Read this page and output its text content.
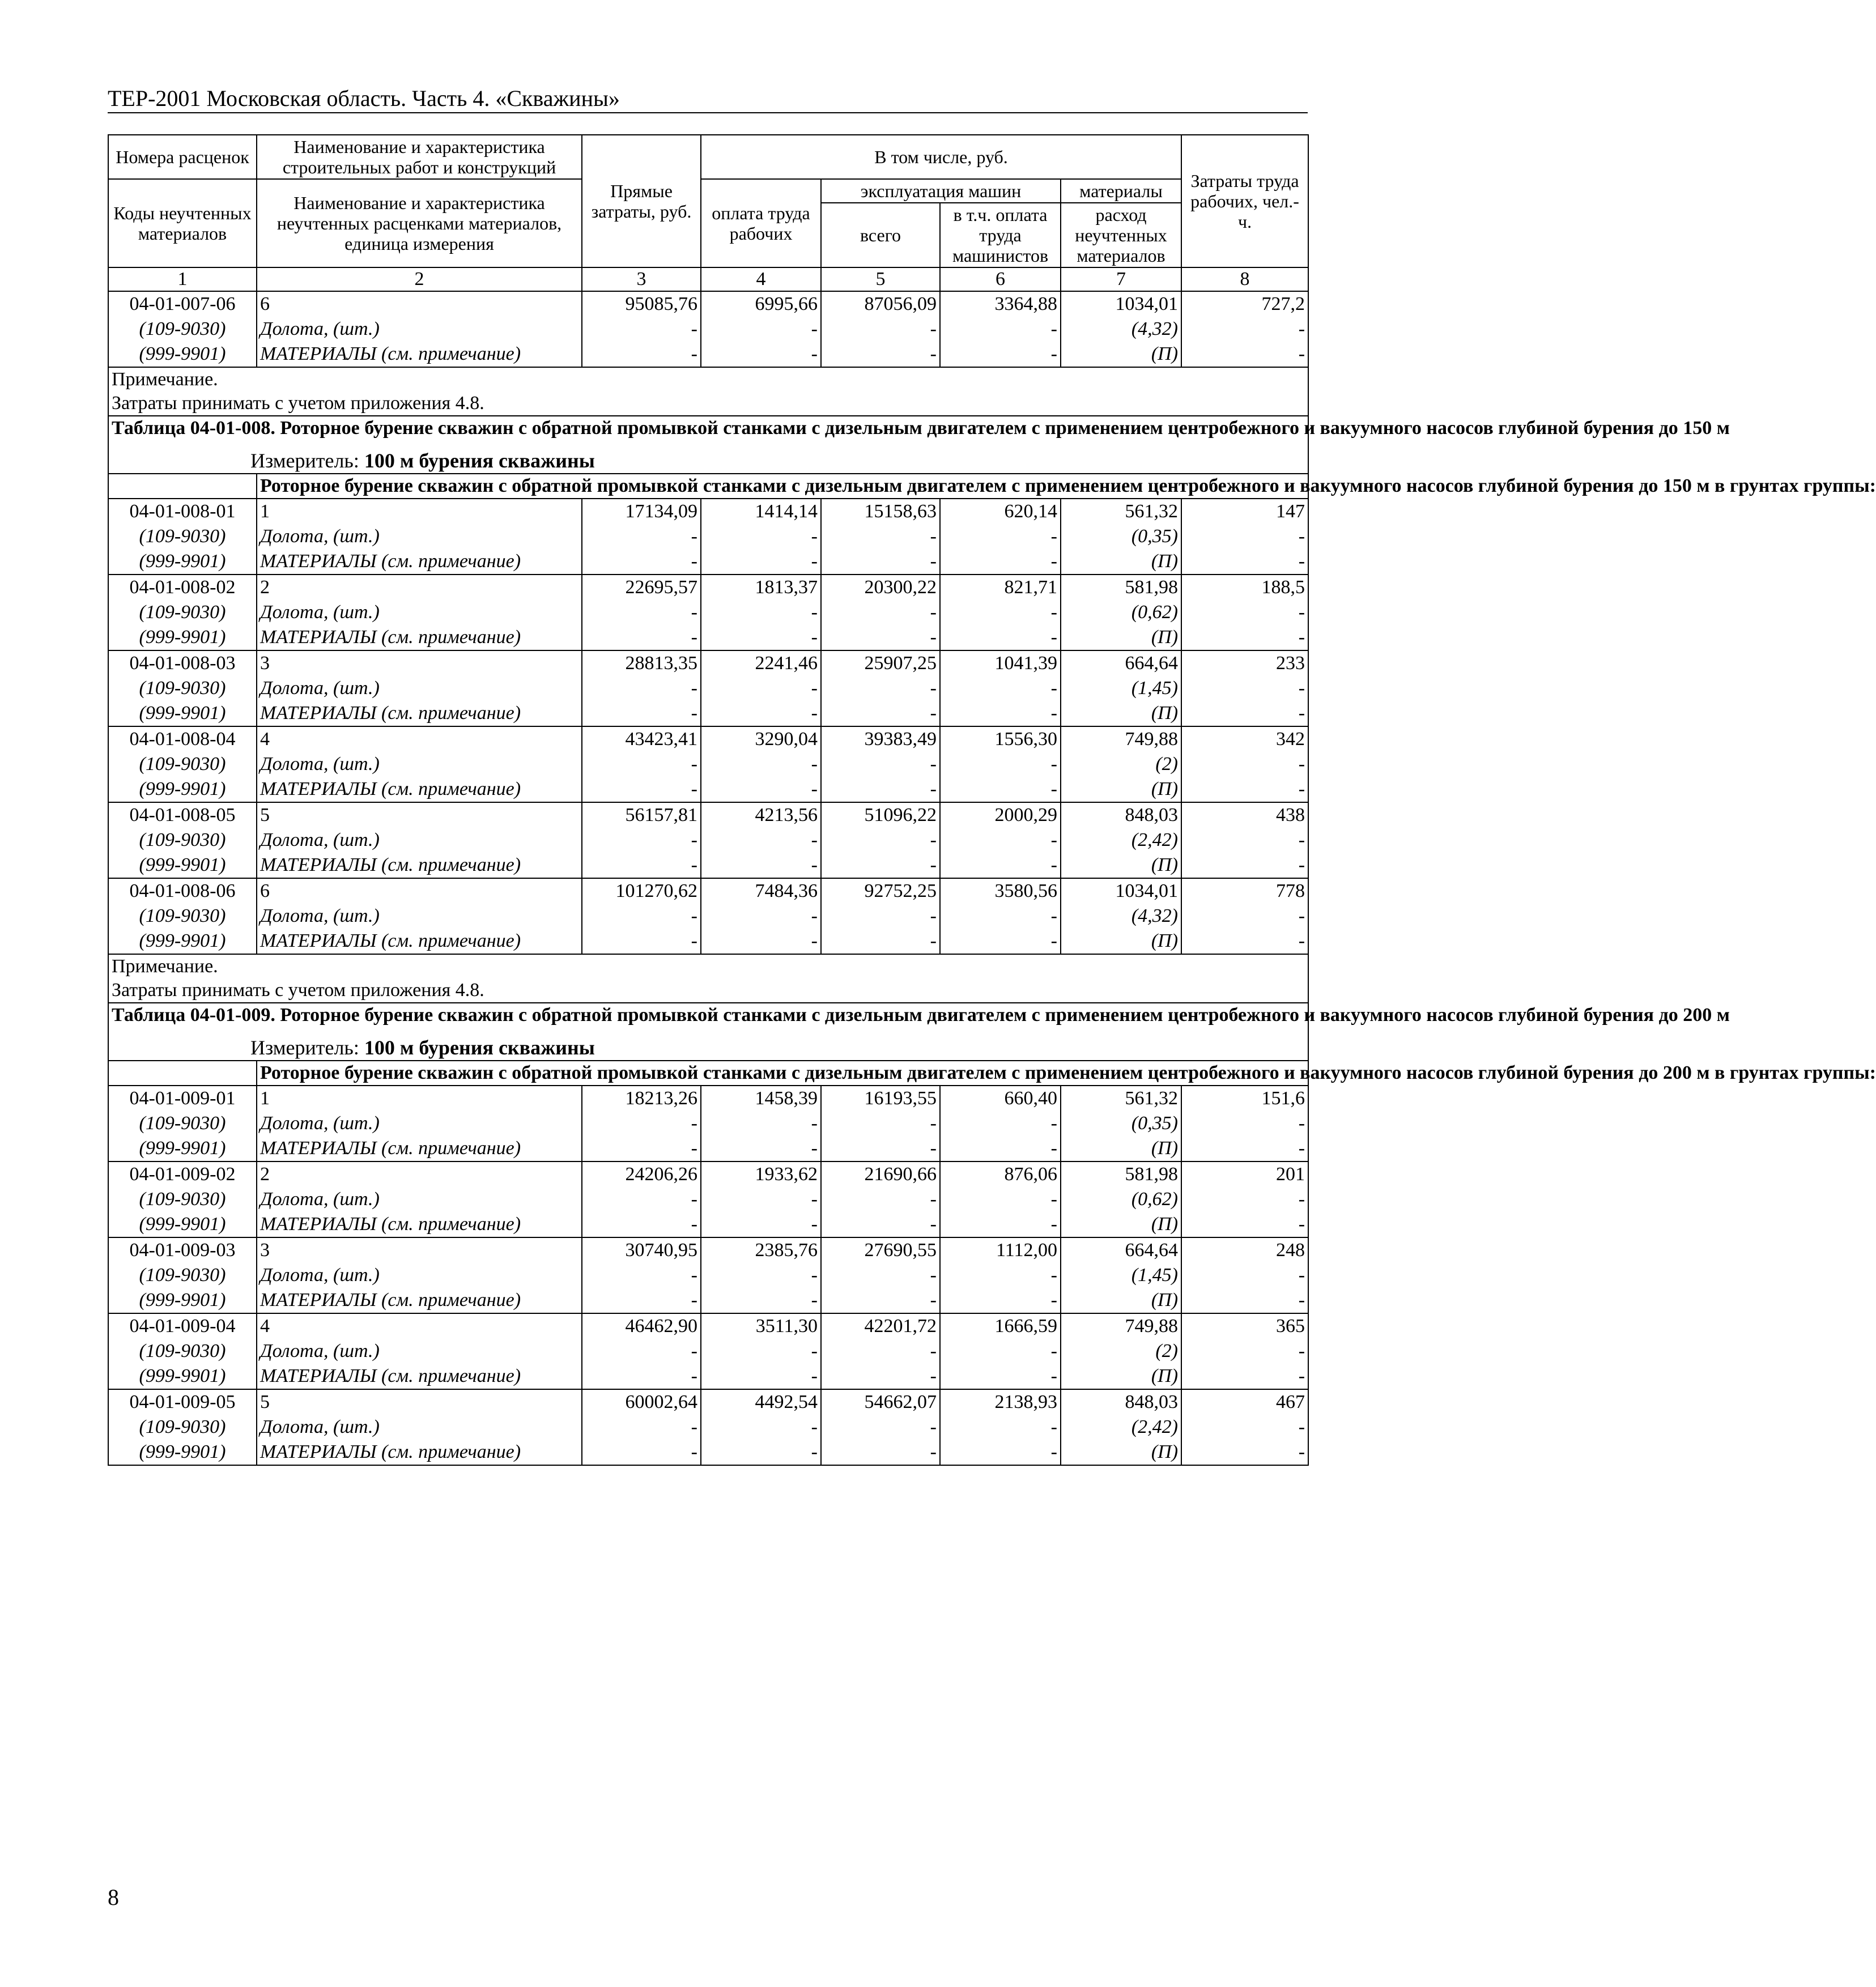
ТЕР-2001 Московская область. Часть 4. «Скважины»
Номера расценок	Наименование и характеристика строительных работ и конструкций	Прямые затраты, руб.	В том числе, руб.				Затраты труда рабочих, чел.-ч.
Коды неучтенных материалов	Наименование и характеристика неучтенных расценками материалов, единица измерения		оплата труда рабочих	эксплуатация машин		материалы	
				всего	в т.ч. оплата труда машинистов	расход неучтенных материалов	
1	2	3	4	5	6	7	8
04-01-007-06	6	95085,76	6995,66	87056,09	3364,88	1034,01	727,2
(109-9030)	Долота, (шт.)	-	-	-	-	(4,32)	-
(999-9901)	МАТЕРИАЛЫ (см. примечание)	-	-	-	-	(П)	-

Примечание.
Затраты принимать с учетом приложения 4.8.							

Таблица 04-01-008. Роторное бурение скважин с обратной промывкой станками с дизельным двигателем с применением центробежного и вакуумного насосов глубиной бурения до 150 м
Измеритель: 100 м бурения скважины							

	Роторное бурение скважин с обратной промывкой станками с дизельным двигателем с применением центробежного и вакуумного насосов глубиной бурения до 150 м в грунтах группы:						
04-01-008-01	1	17134,09	1414,14	15158,63	620,14	561,32	147
(109-9030)	Долота, (шт.)	-	-	-	-	(0,35)	-
(999-9901)	МАТЕРИАЛЫ (см. примечание)	-	-	-	-	(П)	-
04-01-008-02	2	22695,57	1813,37	20300,22	821,71	581,98	188,5
(109-9030)	Долота, (шт.)	-	-	-	-	(0,62)	-
(999-9901)	МАТЕРИАЛЫ (см. примечание)	-	-	-	-	(П)	-
04-01-008-03	3	28813,35	2241,46	25907,25	1041,39	664,64	233
(109-9030)	Долота, (шт.)	-	-	-	-	(1,45)	-
(999-9901)	МАТЕРИАЛЫ (см. примечание)	-	-	-	-	(П)	-
04-01-008-04	4	43423,41	3290,04	39383,49	1556,30	749,88	342
(109-9030)	Долота, (шт.)	-	-	-	-	(2)	-
(999-9901)	МАТЕРИАЛЫ (см. примечание)	-	-	-	-	(П)	-
04-01-008-05	5	56157,81	4213,56	51096,22	2000,29	848,03	438
(109-9030)	Долота, (шт.)	-	-	-	-	(2,42)	-
(999-9901)	МАТЕРИАЛЫ (см. примечание)	-	-	-	-	(П)	-
04-01-008-06	6	101270,62	7484,36	92752,25	3580,56	1034,01	778
(109-9030)	Долота, (шт.)	-	-	-	-	(4,32)	-
(999-9901)	МАТЕРИАЛЫ (см. примечание)	-	-	-	-	(П)	-

Примечание.
Затраты принимать с учетом приложения 4.8.							

Таблица 04-01-009. Роторное бурение скважин с обратной промывкой станками с дизельным двигателем с применением центробежного и вакуумного насосов глубиной бурения до 200 м
Измеритель: 100 м бурения скважины							

	Роторное бурение скважин с обратной промывкой станками с дизельным двигателем с применением центробежного и вакуумного насосов глубиной бурения до 200 м в грунтах группы:						
04-01-009-01	1	18213,26	1458,39	16193,55	660,40	561,32	151,6
(109-9030)	Долота, (шт.)	-	-	-	-	(0,35)	-
(999-9901)	МАТЕРИАЛЫ (см. примечание)	-	-	-	-	(П)	-
04-01-009-02	2	24206,26	1933,62	21690,66	876,06	581,98	201
(109-9030)	Долота, (шт.)	-	-	-	-	(0,62)	-
(999-9901)	МАТЕРИАЛЫ (см. примечание)	-	-	-	-	(П)	-
04-01-009-03	3	30740,95	2385,76	27690,55	1112,00	664,64	248
(109-9030)	Долота, (шт.)	-	-	-	-	(1,45)	-
(999-9901)	МАТЕРИАЛЫ (см. примечание)	-	-	-	-	(П)	-
04-01-009-04	4	46462,90	3511,30	42201,72	1666,59	749,88	365
(109-9030)	Долота, (шт.)	-	-	-	-	(2)	-
(999-9901)	МАТЕРИАЛЫ (см. примечание)	-	-	-	-	(П)	-
04-01-009-05	5	60002,64	4492,54	54662,07	2138,93	848,03	467
(109-9030)	Долота, (шт.)	-	-	-	-	(2,42)	-
(999-9901)	МАТЕРИАЛЫ (см. примечание)	-	-	-	-	(П)	-
8
